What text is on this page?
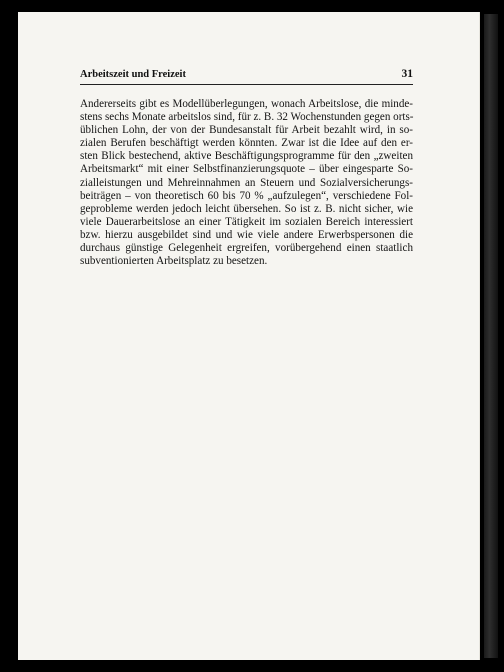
Arbeitszeit und Freizeit	31
Andererseits gibt es Modellüberlegungen, wonach Arbeitslose, die minde-
stens sechs Monate arbeitslos sind, für z. B. 32 Wochenstunden gegen orts-
üblichen Lohn, der von der Bundesanstalt für Arbeit bezahlt wird, in so-
zialen Berufen beschäftigt werden könnten. Zwar ist die Idee auf den er-
sten Blick bestechend, aktive Beschäftigungsprogramme für den „zweiten
Arbeitsmarkt“ mit einer Selbstfinanzierungsquote – über eingesparte So-
zialleistungen und Mehreinnahmen an Steuern und Sozialversicherungs-
beiträgen – von theoretisch 60 bis 70 % „aufzulegen“, verschiedene Fol-
geprobleme werden jedoch leicht übersehen. So ist z. B. nicht sicher, wie
viele Dauerarbeitslose an einer Tätigkeit im sozialen Bereich interessiert
bzw. hierzu ausgebildet sind und wie viele andere Erwerbspersonen die
durchaus günstige Gelegenheit ergreifen, vorübergehend einen staatlich
subventionierten Arbeitsplatz zu besetzen.
